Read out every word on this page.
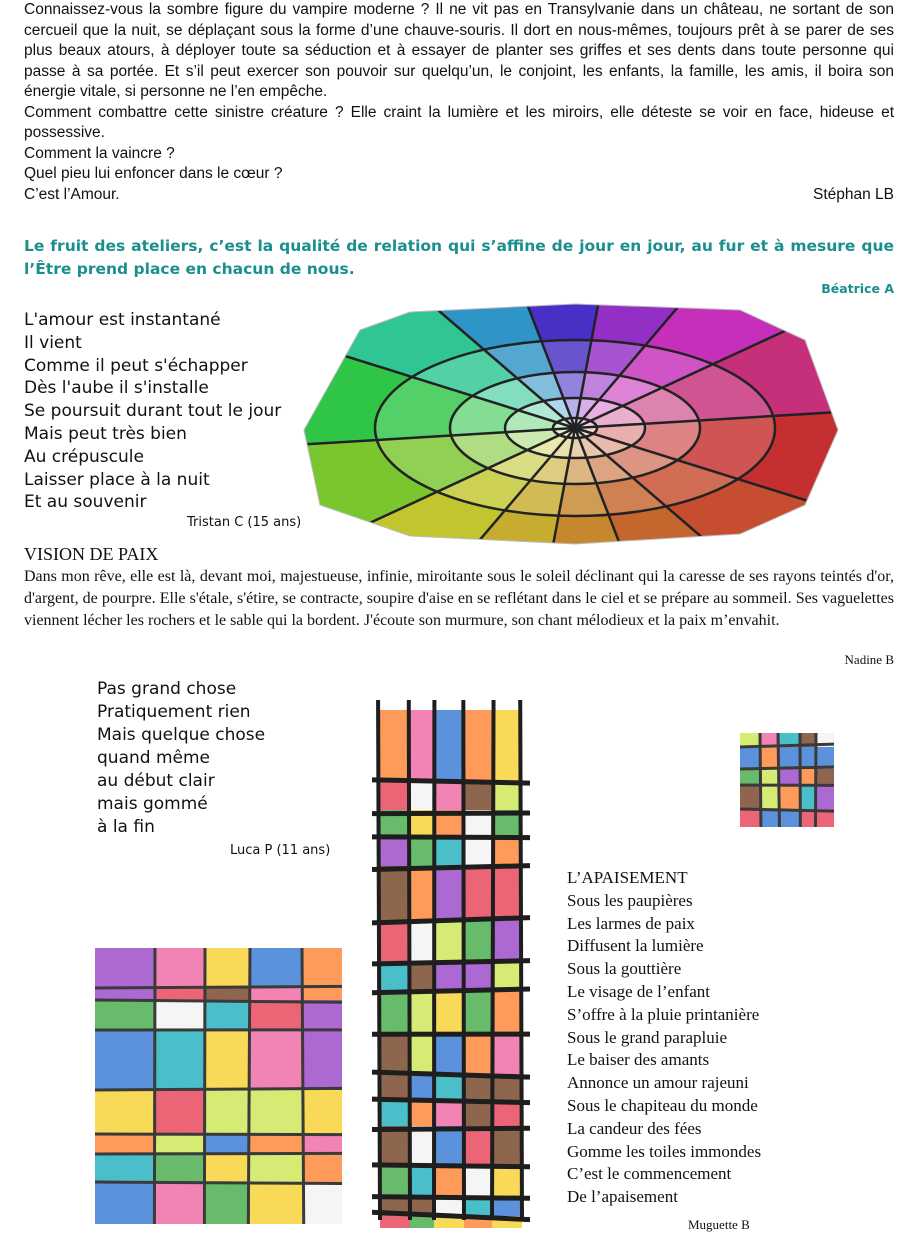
Connaissez-vous la sombre figure du vampire moderne ? Il ne vit pas en Transylvanie dans un château, ne sortant de son cercueil que la nuit, se déplaçant sous la forme d’une chauve-souris. Il dort en nous-mêmes, toujours prêt à se parer de ses plus beaux atours, à déployer toute sa séduction et à essayer de planter ses griffes et ses dents dans toute personne qui passe à sa portée. Et s’il peut exercer son pouvoir sur quelqu’un, le conjoint, les enfants, la famille, les amis, il boira son énergie vitale, si personne ne l’en empêche.

Comment combattre cette sinistre créature ? Elle craint la lumière et les miroirs, elle déteste se voir en face, hideuse et possessive.

Comment la vaincre ?

Quel pieu lui enfoncer dans le cœur ?

C’est l’Amour.	Stéphan LB

Le fruit des ateliers, c’est la qualité de relation qui s’affine de jour en jour, au fur et à mesure que l’Être prend place en chacun de nous.
Béatrice A
L'amour est instantané
Il vient
Comme il peut s'échapper
Dès l'aube il s'installe
Se poursuit durant tout le jour
Mais peut très bien
Au crépuscule
Laisser place à la nuit
Et au souvenir
Tristan C (15 ans)
VISION DE PAIX
Dans mon rêve, elle est là, devant moi, majestueuse, infinie, miroitante sous le soleil déclinant qui la caresse de ses rayons teintés d'or, d'argent, de pourpre. Elle s'étale, s'étire, se contracte, soupire d'aise en se reflétant dans le ciel et se prépare au sommeil. Ses vaguelettes viennent lécher les rochers et le sable qui la bordent. J'écoute son murmure, son chant mélodieux et la paix m’envahit.
Nadine B
Pas grand chose
Pratiquement rien
Mais quelque chose
quand même
au début clair
mais gommé
à la fin
Luca P (11 ans)
L’APAISEMENT
Sous les paupières
Les larmes de paix
Diffusent la lumière
Sous la gouttière
Le visage de l’enfant
S’offre à la pluie printanière
Sous le grand parapluie
Le baiser des amants
Annonce un amour rajeuni
Sous le chapiteau du monde
La candeur des fées
Gomme les toiles immondes
C’est le commencement
De l’apaisement
Muguette B
